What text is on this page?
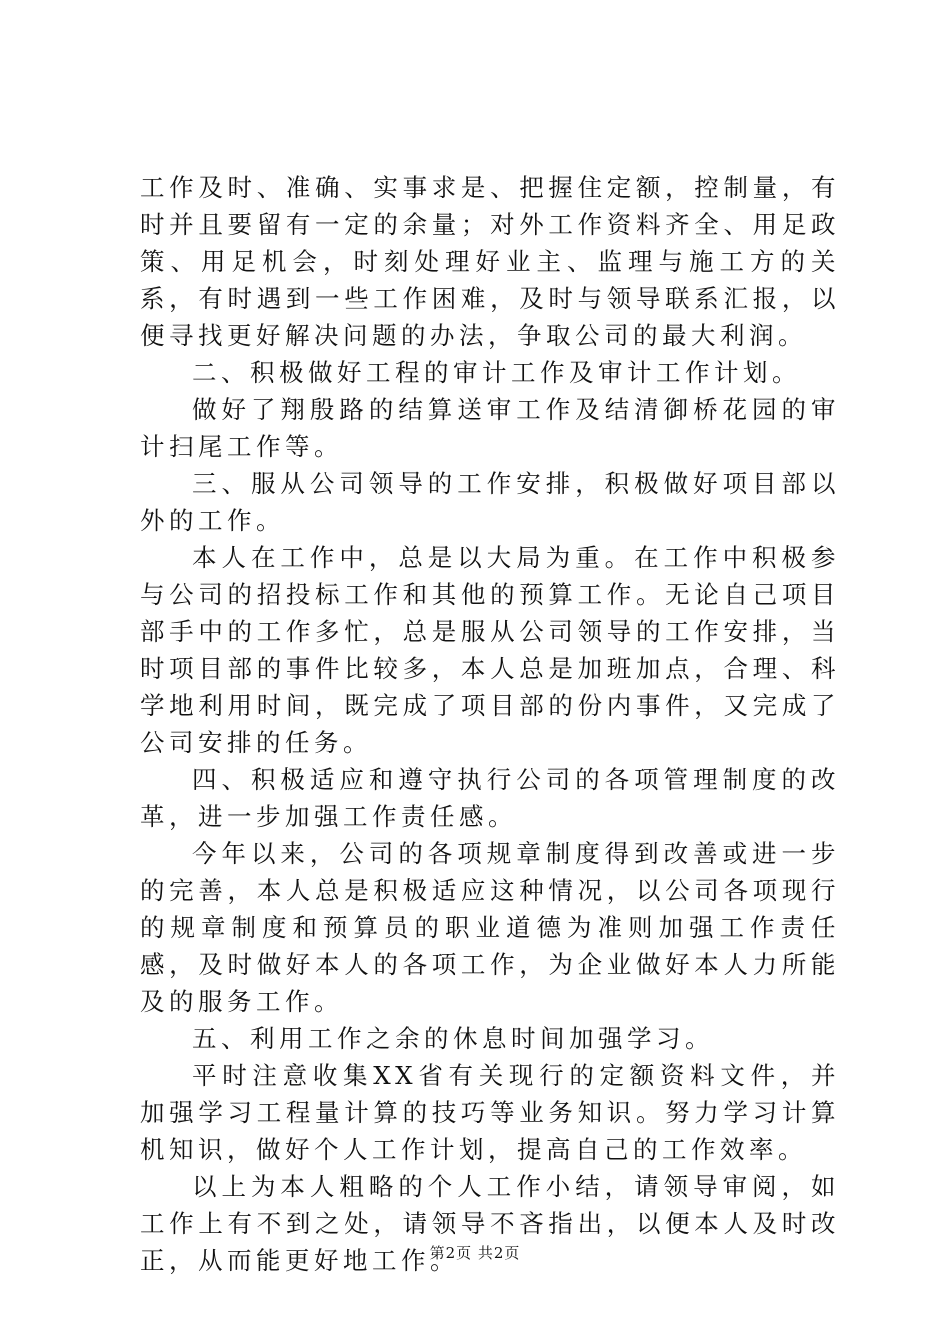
工作及时、准确、实事求是、把握住定额，控制量，有时并且要留有一定的余量；对外工作资料齐全、用足政策、用足机会，时刻处理好业主、监理与施工方的关系，有时遇到一些工作困难，及时与领导联系汇报，以便寻找更好解决问题的办法，争取公司的最大利润。

二、积极做好工程的审计工作及审计工作计划。

做好了翔殷路的结算送审工作及结清御桥花园的审计扫尾工作等。

三、服从公司领导的工作安排，积极做好项目部以外的工作。

本人在工作中，总是以大局为重。在工作中积极参与公司的招投标工作和其他的预算工作。无论自己项目部手中的工作多忙，总是服从公司领导的工作安排，当时项目部的事件比较多，本人总是加班加点，合理、科学地利用时间，既完成了项目部的份内事件，又完成了公司安排的任务。

四、积极适应和遵守执行公司的各项管理制度的改革，进一步加强工作责任感。

今年以来，公司的各项规章制度得到改善或进一步的完善，本人总是积极适应这种情况，以公司各项现行的规章制度和预算员的职业道德为准则加强工作责任感，及时做好本人的各项工作，为企业做好本人力所能及的服务工作。

五、利用工作之余的休息时间加强学习。

平时注意收集XX省有关现行的定额资料文件，并加强学习工程量计算的技巧等业务知识。努力学习计算机知识，做好个人工作计划，提高自己的工作效率。

以上为本人粗略的个人工作小结，请领导审阅，如工作上有不到之处，请领导不吝指出，以便本人及时改正，从而能更好地工作。

第2页 共2页
